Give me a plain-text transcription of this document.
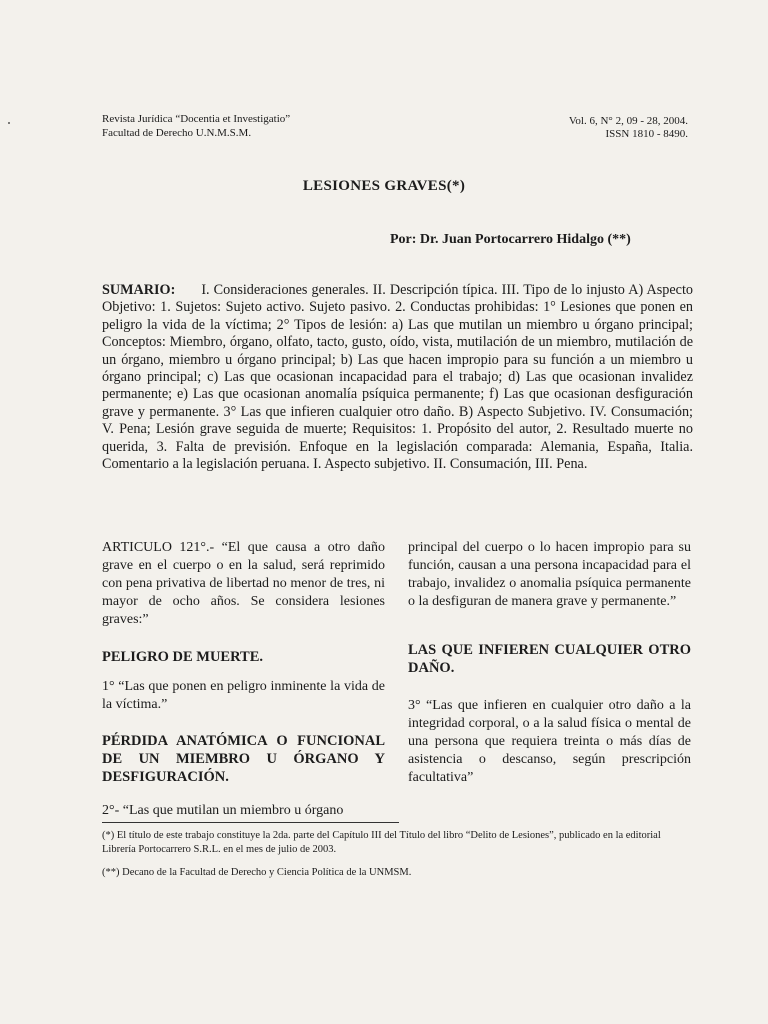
Revista Jurídica “Docentia et Investigatio”
Facultad de Derecho U.N.M.S.M.
Vol. 6, N° 2, 09 - 28, 2004.
ISSN 1810 - 8490.
LESIONES GRAVES(*)
Por: Dr. Juan Portocarrero Hidalgo (**)
SUMARIO: I. Consideraciones generales. II. Descripción típica. III. Tipo de lo injusto A) Aspecto Objetivo: 1. Sujetos: Sujeto activo. Sujeto pasivo. 2. Conductas prohibidas: 1° Lesiones que ponen en peligro la vida de la víctima; 2° Tipos de lesión: a) Las que mutilan un miembro u órgano principal; Conceptos: Miembro, órgano, olfato, tacto, gusto, oído, vista, mutilación de un miembro, mutilación de un órgano, miembro u órgano principal; b) Las que hacen impropio para su función a un miembro u órgano principal; c) Las que ocasionan incapacidad para el trabajo; d) Las que ocasionan invalidez permanente; e) Las que ocasionan anomalía psíquica permanente; f) Las que ocasionan desfiguración grave y permanente. 3° Las que infieren cualquier otro daño. B) Aspecto Subjetivo. IV. Consumación; V. Pena; Lesión grave seguida de muerte; Requisitos: 1. Propósito del autor, 2. Resultado muerte no querida, 3. Falta de previsión. Enfoque en la legislación comparada: Alemania, España, Italia. Comentario a la legislación peruana. I. Aspecto subjetivo. II. Consumación, III. Pena.

ARTICULO 121°.- “El que causa a otro daño grave en el cuerpo o en la salud, será reprimido con pena privativa de libertad no menor de tres, ni mayor de ocho años. Se considera lesiones graves:”

PELIGRO DE MUERTE.

1° “Las que ponen en peligro inminente la vida de la víctima.”

PÉRDIDA ANATÓMICA O FUNCIONAL DE UN MIEMBRO U ÓRGANO Y DESFIGURACIÓN.

2°- “Las que mutilan un miembro u órgano

principal del cuerpo o lo hacen impropio para su función, causan a una persona incapacidad para el trabajo, invalidez o anomalia psíquica permanente o la desfiguran de manera grave y permanente.”

LAS QUE INFIEREN CUALQUIER OTRO DAÑO.

3° “Las que infieren en cualquier otro daño a la integridad corporal, o a la salud física o mental de una persona que requiera treinta o más días de asistencia o descanso, según prescripción facultativa”

(*) El título de este trabajo constituye la 2da. parte del Capítulo III del Título del libro “Delito de Lesiones”, publicado en la editorial Librería Portocarrero S.R.L. en el mes de julio de 2003.
(**) Decano de la Facultad de Derecho y Ciencia Política de la UNMSM.
